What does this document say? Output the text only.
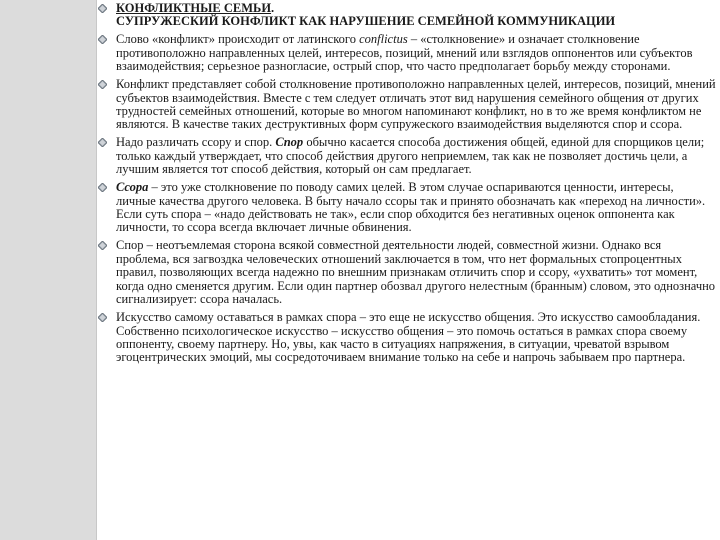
КОНФЛИКТНЫЕ СЕМЬИ.
СУПРУЖЕСКИЙ КОНФЛИКТ КАК НАРУШЕНИЕ СЕМЕЙНОЙ КОММУНИКАЦИИ
Слово «конфликт» происходит от латинского conflictus – «столкновение» и означает столкновение противоположно направленных целей, интересов, позиций, мнений или взглядов оппонентов или субъектов взаимодействия; серьезное разногласие, острый спор, что часто предполагает борьбу между сторонами.
Конфликт представляет собой столкновение противоположно направленных целей, интересов, позиций, мнений субъектов взаимодействия. Вместе с тем следует отличать этот вид нарушения семейного общения от других трудностей семейных отношений, которые во многом напоминают конфликт, но в то же время конфликтом не являются. В качестве таких деструктивных форм супружеского взаимодействия выделяются спор и ссора.
Надо различать ссору и спор. Спор обычно касается способа достижения общей, единой для спорщиков цели; только каждый утверждает, что способ действия другого неприемлем, так как не позволяет достичь цели, а лучшим является тот способ действия, который он сам предлагает.
Ссора – это уже столкновение по поводу самих целей. В этом случае оспариваются ценности, интересы, личные качества другого человека. В быту начало ссоры так и принято обозначать как «переход на личности». Если суть спора – «надо действовать не так», если спор обходится без негативных оценок оппонента как личности, то ссора всегда включает личные обвинения.
Спор – неотъемлемая сторона всякой совместной деятельности людей, совместной жизни. Однако вся проблема, вся загвоздка человеческих отношений заключается в том, что нет формальных стопроцентных правил, позволяющих всегда надежно по внешним признакам отличить спор и ссору, «ухватить» тот момент, когда одно сменяется другим. Если один партнер обозвал другого нелестным (бранным) словом, это однозначно сигнализирует: ссора началась.
Искусство самому оставаться в рамках спора – это еще не искусство общения. Это искусство самообладания. Собственно психологическое искусство – искусство общения – это помочь остаться в рамках спора своему оппоненту, своему партнеру. Но, увы, как часто в ситуациях напряжения, в ситуации, чреватой взрывом эгоцентрических эмоций, мы сосредоточиваем внимание только на себе и напрочь забываем про партнера.
